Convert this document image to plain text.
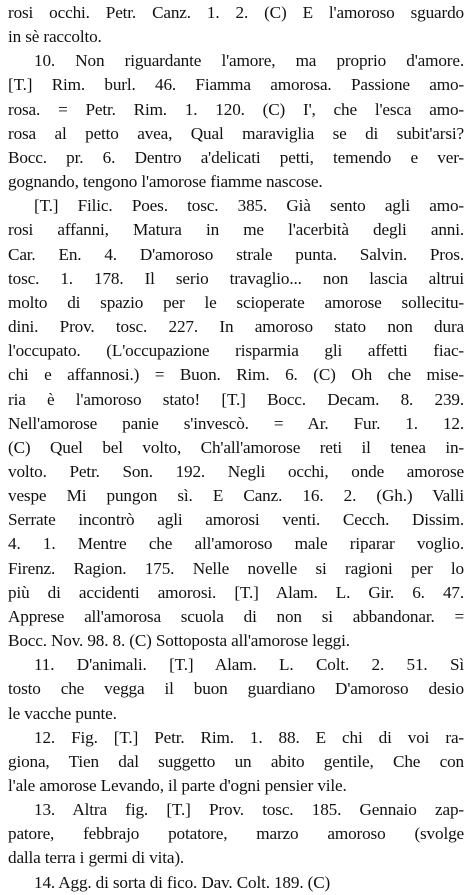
rosi occhi. Petr. Canz. 1. 2. (C) E l'amoroso sguardo

in sè raccolto.

10. Non riguardante l'amore, ma proprio d'amore.

[T.] Rim. burl. 46. Fiamma amorosa. Passione amo-

rosa. = Petr. Rim. 1. 120. (C) I', che l'esca amo-

rosa al petto avea, Qual maraviglia se di subit'arsi?

Bocc. pr. 6. Dentro a'delicati petti, temendo e ver-

gognando, tengono l'amorose fiamme nascose.

[T.] Filic. Poes. tosc. 385. Già sento agli amo-

rosi affanni, Matura in me l'acerbità degli anni.

Car. En. 4. D'amoroso strale punta. Salvin. Pros.

tosc. 1. 178. Il serio travaglio... non lascia altrui

molto di spazio per le scioperate amorose sollecitu-

dini. Prov. tosc. 227. In amoroso stato non dura

l'occupato. (L'occupazione risparmia gli affetti fiac-

chi e affannosi.) = Buon. Rim. 6. (C) Oh che mise-

ria è l'amoroso stato! [T.] Bocc. Decam. 8. 239.

Nell'amorose panie s'invescò. = Ar. Fur. 1. 12.

(C) Quel bel volto, Ch'all'amorose reti il tenea in-

volto. Petr. Son. 192. Negli occhi, onde amorose

vespe Mi pungon sì. E Canz. 16. 2. (Gh.) Valli

Serrate incontrò agli amorosi venti. Cecch. Dissim.

4. 1. Mentre che all'amoroso male riparar voglio.

Firenz. Ragion. 175. Nelle novelle si ragioni per lo

più di accidenti amorosi. [T.] Alam. L. Gir. 6. 47.

Apprese all'amorosa scuola di non si abbandonar. =

Bocc. Nov. 98. 8. (C) Sottoposta all'amorose leggi.

11. D'animali. [T.] Alam. L. Colt. 2. 51. Sì

tosto che vegga il buon guardiano D'amoroso desio

le vacche punte.

12. Fig. [T.] Petr. Rim. 1. 88. E chi di voi ra-

giona, Tien dal suggetto un abito gentile, Che con

l'ale amorose Levando, il parte d'ogni pensier vile.

13. Altra fig. [T.] Prov. tosc. 185. Gennaio zap-

patore, febbrajo potatore, marzo amoroso (svolge

dalla terra i germi di vita).

14. Agg. di sorta di fico. Dav. Colt. 189. (C)
